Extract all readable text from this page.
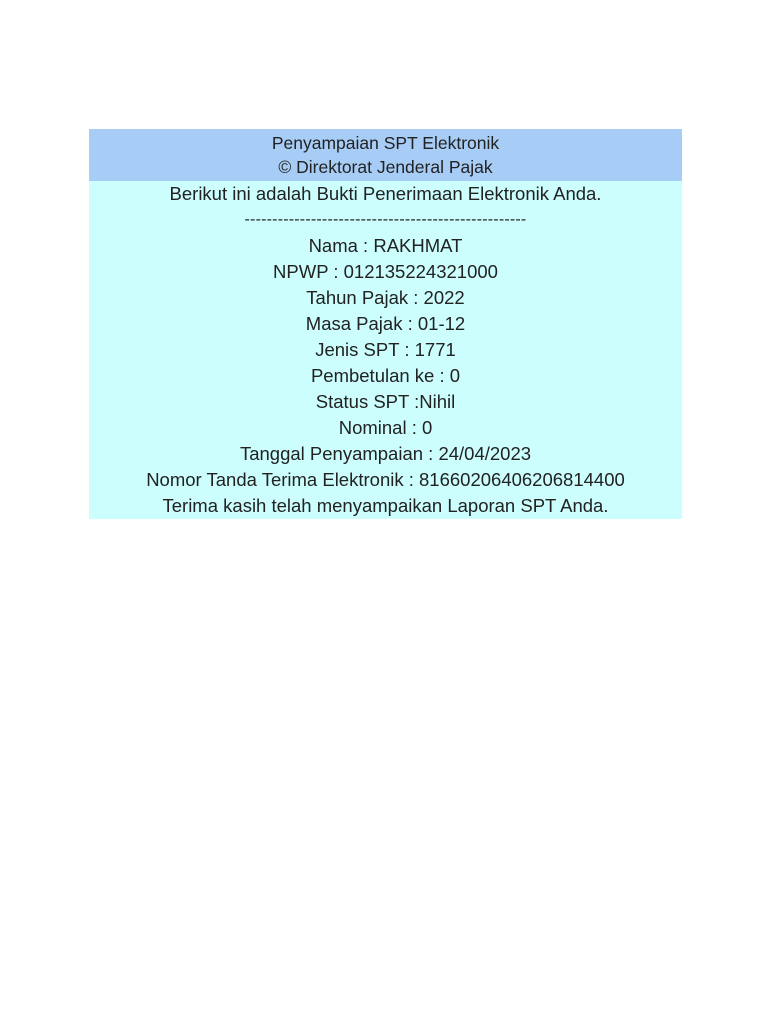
Penyampaian SPT Elektronik
© Direktorat Jenderal Pajak
Berikut ini adalah Bukti Penerimaan Elektronik Anda.
---------------------------------------------------
Nama : RAKHMAT
NPWP : 012135224321000
Tahun Pajak : 2022
Masa Pajak : 01-12
Jenis SPT : 1771
Pembetulan ke : 0
Status SPT :Nihil
Nominal : 0
Tanggal Penyampaian : 24/04/2023
Nomor Tanda Terima Elektronik : 81660206406206814400
Terima kasih telah menyampaikan Laporan SPT Anda.
